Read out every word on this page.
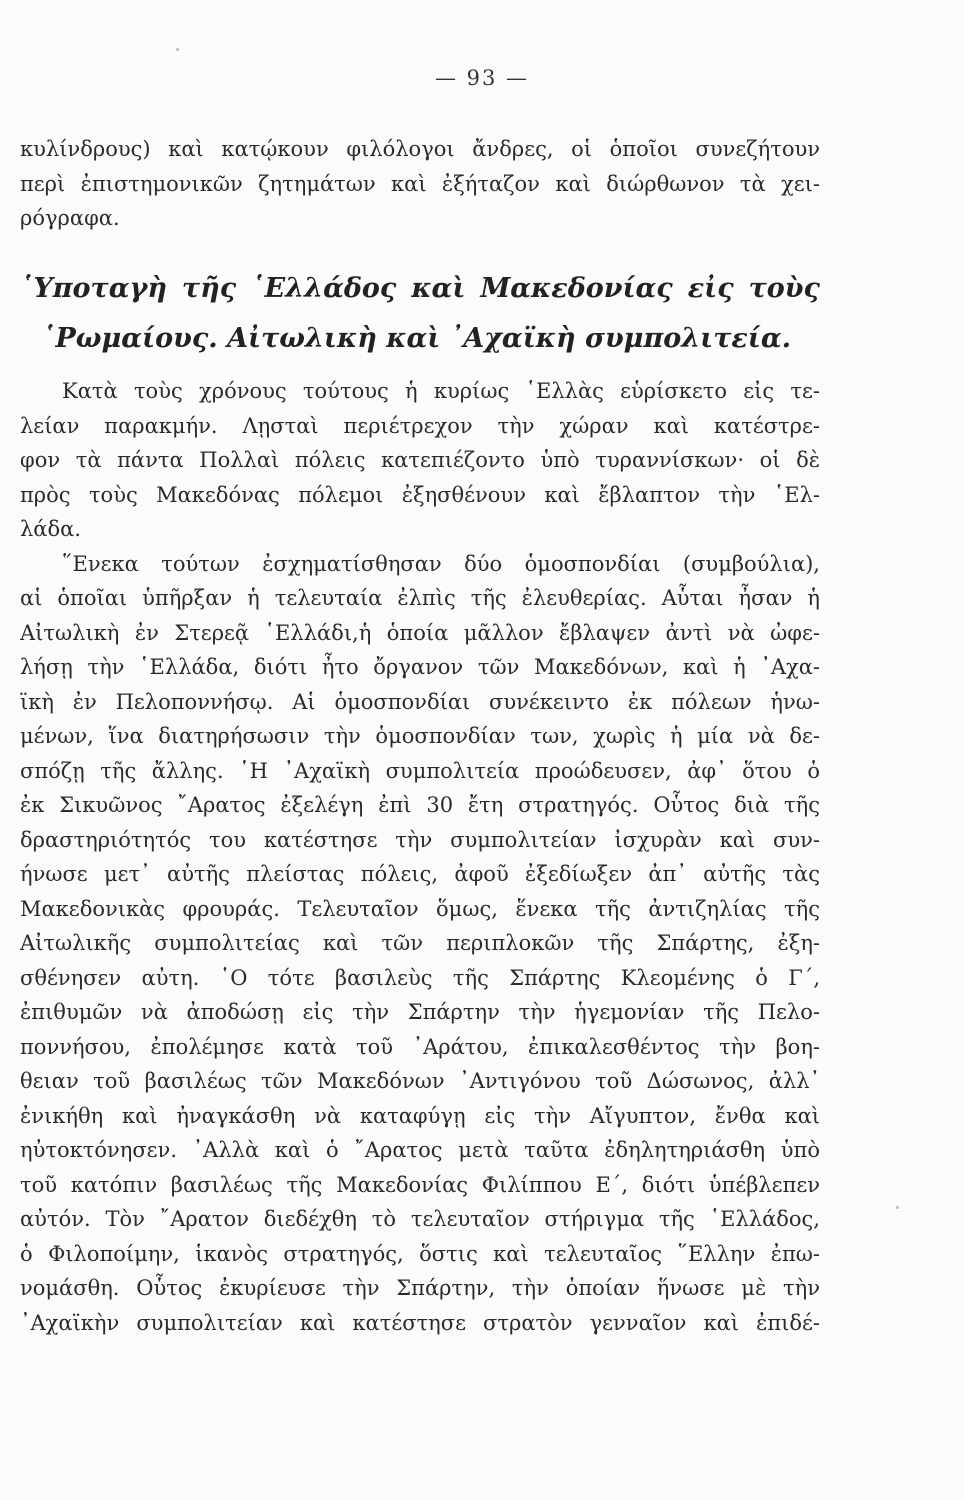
— 93 —
κυλίνδρους) καὶ κατῴκουν φιλόλογοι ἄνδρες, οἱ ὁποῖοι συνεζήτουν
περὶ ἐπιστημονικῶν ζητημάτων καὶ ἐξήταζον καὶ διώρθωνον τὰ χει-
ρόγραφα.
῾Υποταγὴ τῆς ῾Ελλάδος καὶ Μακεδονίας εἰς τοὺς
῾Ρωμαίους. Αἰτωλικὴ καὶ ᾿Αχαϊκὴ συμπολιτεία.
Κατὰ τοὺς χρόνους τούτους ἡ κυρίως ῾Ελλὰς εὑρίσκετο εἰς τε-
λείαν παρακμήν. Λῃσταὶ περιέτρεχον τὴν χώραν καὶ κατέστρε-
φον τὰ πάντα Πολλαὶ πόλεις κατεπιέζοντο ὑπὸ τυραννίσκων· οἱ δὲ
πρὸς τοὺς Μακεδόνας πόλεμοι ἐξησθένουν καὶ ἔβλαπτον τὴν ῾Ελ-
λάδα.
῞Ενεκα τούτων ἐσχηματίσθησαν δύο ὁμοσπονδίαι (συμβούλια),
αἱ ὁποῖαι ὑπῆρξαν ἡ τελευταία ἐλπὶς τῆς ἐλευθερίας. Αὗται ἦσαν ἡ
Αἰτωλικὴ ἐν Στερεᾷ ῾Ελλάδι,ἡ ὁποία μᾶλλον ἔβλαψεν ἀντὶ νὰ ὠφε-
λήσῃ τὴν ῾Ελλάδα, διότι ἦτο ὄργανον τῶν Μακεδόνων, καὶ ἡ ᾿Αχα-
ϊκὴ ἐν Πελοποννήσῳ. Αἱ ὁμοσπονδίαι συνέκειντο ἐκ πόλεων ἡνω-
μένων, ἵνα διατηρήσωσιν τὴν ὁμοσπονδίαν των, χωρὶς ἡ μία νὰ δε-
σπόζῃ τῆς ἄλλης. ῾Η ᾿Αχαϊκὴ συμπολιτεία προώδευσεν, ἀφ᾿ ὅτου ὁ
ἐκ Σικυῶνος ῎Αρατος ἐξελέγη ἐπὶ 30 ἔτη στρατηγός. Οὗτος διὰ τῆς
δραστηριότητός του κατέστησε τὴν συμπολιτείαν ἰσχυρὰν καὶ συν-
ήνωσε μετ᾿ αὐτῆς πλείστας πόλεις, ἀφοῦ ἐξεδίωξεν ἀπ᾿ αὐτῆς τὰς
Μακεδονικὰς φρουράς. Τελευταῖον ὅμως, ἕνεκα τῆς ἀντιζηλίας τῆς
Αἰτωλικῆς συμπολιτείας καὶ τῶν περιπλοκῶν τῆς Σπάρτης, ἐξη-
σθένησεν αὐτη. ῾Ο τότε βασιλεὺς τῆς Σπάρτης Κλεομένης ὁ Γ΄,
ἐπιθυμῶν νὰ ἀποδώσῃ εἰς τὴν Σπάρτην τὴν ἡγεμονίαν τῆς Πελο-
ποννήσου, ἐπολέμησε κατὰ τοῦ ᾿Αράτου, ἐπικαλεσθέντος τὴν βοη-
θειαν τοῦ βασιλέως τῶν Μακεδόνων ᾿Αντιγόνου τοῦ Δώσωνος, ἀλλ᾿
ἐνικήθη καὶ ἠναγκάσθη νὰ καταφύγῃ εἰς τὴν Αἴγυπτον, ἔνθα καὶ
ηὐτοκτόνησεν. ᾿Αλλὰ καὶ ὁ ῎Αρατος μετὰ ταῦτα ἐδηλητηριάσθη ὑπὸ
τοῦ κατόπιν βασιλέως τῆς Μακεδονίας Φιλίππου Ε΄, διότι ὑπέβλεπεν
αὐτόν. Τὸν ῎Αρατον διεδέχθη τὸ τελευταῖον στήριγμα τῆς ῾Ελλάδος,
ὁ Φιλοποίμην, ἱκανὸς στρατηγός, ὅστις καὶ τελευταῖος ῞Ελλην ἐπω-
νομάσθη. Οὗτος ἐκυρίευσε τὴν Σπάρτην, τὴν ὁποίαν ἥνωσε μὲ τὴν
᾿Αχαϊκὴν συμπολιτείαν καὶ κατέστησε στρατὸν γενναῖον καὶ ἐπιδέ-
